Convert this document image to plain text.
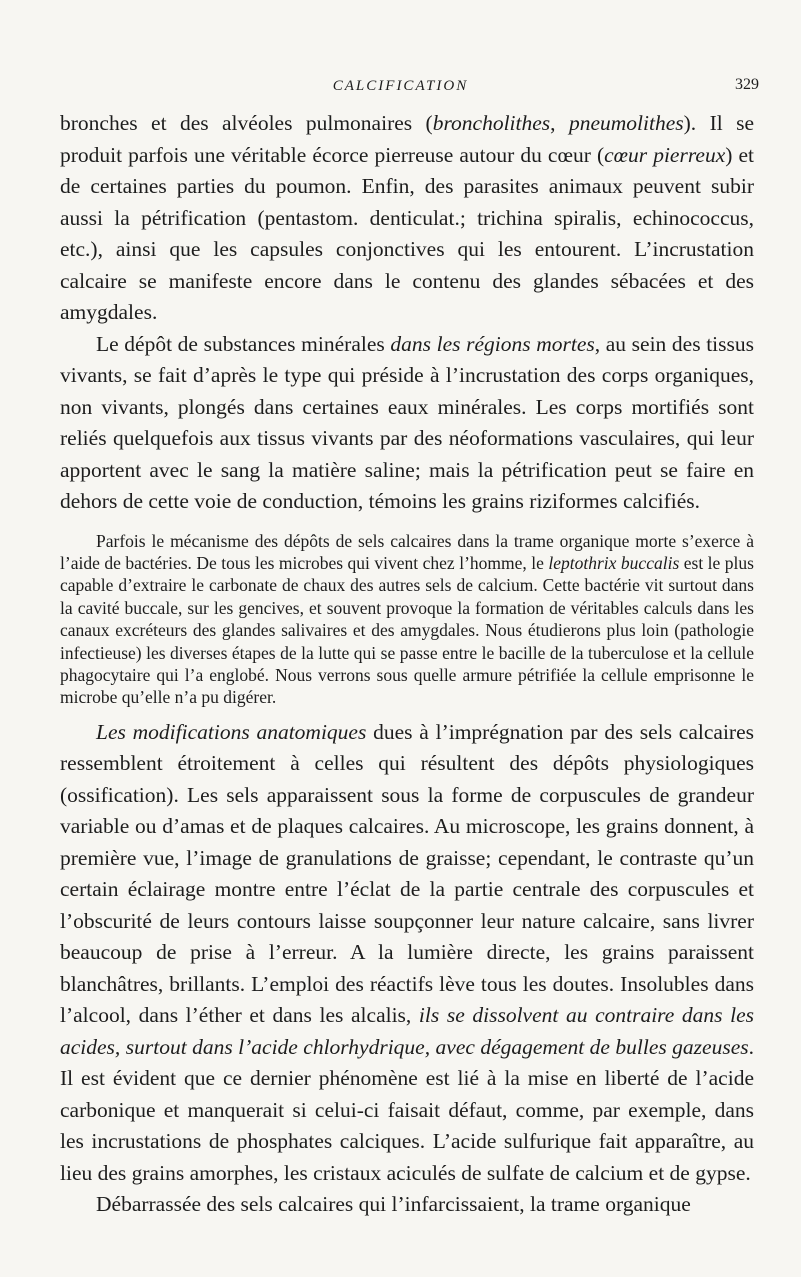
CALCIFICATION	329

bronches et des alvéoles pulmonaires (broncholithes, pneumolithes). Il se produit parfois une véritable écorce pierreuse autour du cœur (cœur pierreux) et de certaines parties du poumon. Enfin, des parasites animaux peuvent subir aussi la pétrification (pentastom. denticulat.; trichina spiralis, echinococcus, etc.), ainsi que les capsules conjonctives qui les entourent. L’incrustation calcaire se manifeste encore dans le contenu des glandes sébacées et des amygdales.

Le dépôt de substances minérales dans les régions mortes, au sein des tissus vivants, se fait d’après le type qui préside à l’incrustation des corps organiques, non vivants, plongés dans certaines eaux minérales. Les corps mortifiés sont reliés quelquefois aux tissus vivants par des néoformations vasculaires, qui leur apportent avec le sang la matière saline; mais la pétrification peut se faire en dehors de cette voie de conduction, témoins les grains riziformes calcifiés.

Parfois le mécanisme des dépôts de sels calcaires dans la trame organique morte s’exerce à l’aide de bactéries. De tous les microbes qui vivent chez l’homme, le leptothrix buccalis est le plus capable d’extraire le carbonate de chaux des autres sels de calcium. Cette bactérie vit surtout dans la cavité buccale, sur les gencives, et souvent provoque la formation de véritables calculs dans les canaux excréteurs des glandes salivaires et des amygdales. Nous étudierons plus loin (pathologie infectieuse) les diverses étapes de la lutte qui se passe entre le bacille de la tuberculose et la cellule phagocytaire qui l’a englobé. Nous verrons sous quelle armure pétrifiée la cellule emprisonne le microbe qu’elle n’a pu digérer.

Les modifications anatomiques dues à l’imprégnation par des sels calcaires ressemblent étroitement à celles qui résultent des dépôts physiologiques (ossification). Les sels apparaissent sous la forme de corpuscules de grandeur variable ou d’amas et de plaques calcaires. Au microscope, les grains donnent, à première vue, l’image de granulations de graisse; cependant, le contraste qu’un certain éclairage montre entre l’éclat de la partie centrale des corpuscules et l’obscurité de leurs contours laisse soupçonner leur nature calcaire, sans livrer beaucoup de prise à l’erreur. A la lumière directe, les grains paraissent blanchâtres, brillants. L’emploi des réactifs lève tous les doutes. Insolubles dans l’alcool, dans l’éther et dans les alcalis, ils se dissolvent au contraire dans les acides, surtout dans l’acide chlorhydrique, avec dégagement de bulles gazeuses. Il est évident que ce dernier phénomène est lié à la mise en liberté de l’acide carbonique et manquerait si celui-ci faisait défaut, comme, par exemple, dans les incrustations de phosphates calciques. L’acide sulfurique fait apparaître, au lieu des grains amorphes, les cristaux aciculés de sulfate de calcium et de gypse.

Débarrassée des sels calcaires qui l’infarcissaient, la trame organique
